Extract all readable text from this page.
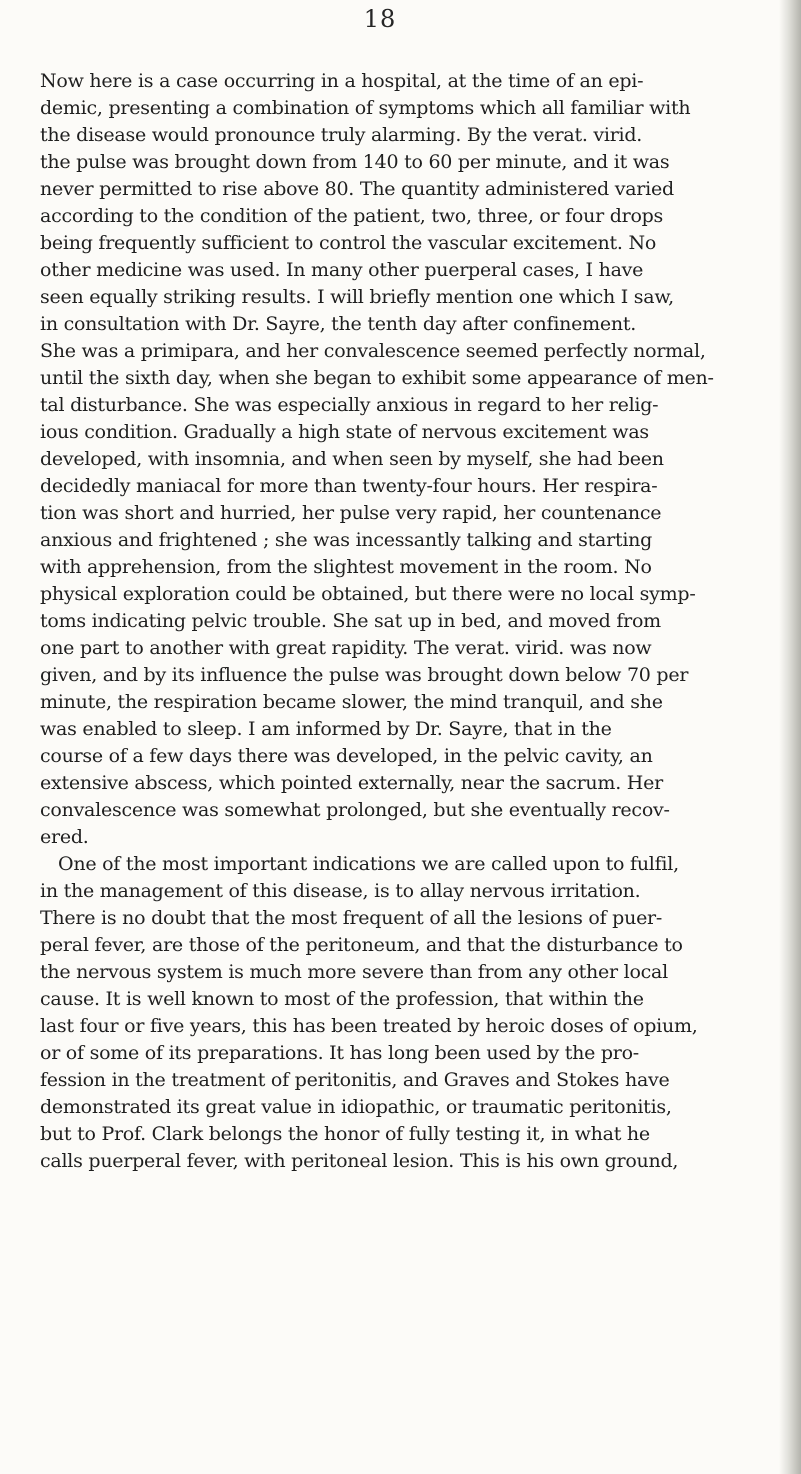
18
Now here is a case occurring in a hospital, at the time of an epi-
demic, presenting a combination of symptoms which all familiar with
the disease would pronounce truly alarming. By the verat. virid.
the pulse was brought down from 140 to 60 per minute, and it was
never permitted to rise above 80. The quantity administered varied
according to the condition of the patient, two, three, or four drops
being frequently sufficient to control the vascular excitement. No
other medicine was used. In many other puerperal cases, I have
seen equally striking results. I will briefly mention one which I saw,
in consultation with Dr. Sayre, the tenth day after confinement.
She was a primipara, and her convalescence seemed perfectly normal,
until the sixth day, when she began to exhibit some appearance of men-
tal disturbance. She was especially anxious in regard to her relig-
ious condition. Gradually a high state of nervous excitement was
developed, with insomnia, and when seen by myself, she had been
decidedly maniacal for more than twenty-four hours. Her respira-
tion was short and hurried, her pulse very rapid, her countenance
anxious and frightened ; she was incessantly talking and starting
with apprehension, from the slightest movement in the room. No
physical exploration could be obtained, but there were no local symp-
toms indicating pelvic trouble. She sat up in bed, and moved from
one part to another with great rapidity. The verat. virid. was now
given, and by its influence the pulse was brought down below 70 per
minute, the respiration became slower, the mind tranquil, and she
was enabled to sleep. I am informed by Dr. Sayre, that in the
course of a few days there was developed, in the pelvic cavity, an
extensive abscess, which pointed externally, near the sacrum. Her
convalescence was somewhat prolonged, but she eventually recov-
ered.
One of the most important indications we are called upon to fulfil,
in the management of this disease, is to allay nervous irritation.
There is no doubt that the most frequent of all the lesions of puer-
peral fever, are those of the peritoneum, and that the disturbance to
the nervous system is much more severe than from any other local
cause. It is well known to most of the profession, that within the
last four or five years, this has been treated by heroic doses of opium,
or of some of its preparations. It has long been used by the pro-
fession in the treatment of peritonitis, and Graves and Stokes have
demonstrated its great value in idiopathic, or traumatic peritonitis,
but to Prof. Clark belongs the honor of fully testing it, in what he
calls puerperal fever, with peritoneal lesion. This is his own ground,
